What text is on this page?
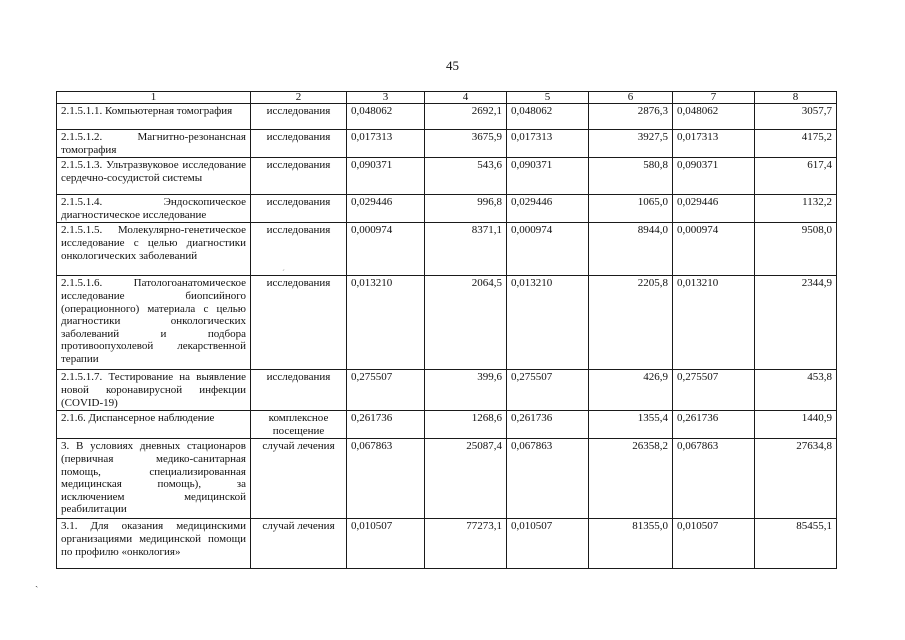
45
ˊ
ˎ
1	2	3	4	5	6	7	8
2.1.5.1.1. Компьютерная томография	исследования	0,048062	2692,1	0,048062	2876,3	0,048062	3057,7
2.1.5.1.2. Магнитно-резонансная томография	исследования	0,017313	3675,9	0,017313	3927,5	0,017313	4175,2
2.1.5.1.3. Ультразвуковое исследование сердечно-сосудистой системы	исследования	0,090371	543,6	0,090371	580,8	0,090371	617,4
2.1.5.1.4. Эндоскопическое диагностическое исследование	исследования	0,029446	996,8	0,029446	1065,0	0,029446	1132,2
2.1.5.1.5. Молекулярно-генетическое исследование с целью диагностики онкологических заболеваний	исследования	0,000974	8371,1	0,000974	8944,0	0,000974	9508,0
2.1.5.1.6. Патологоанатомическое исследование биопсийного (операционного) материала с целью диагностики онкологических заболеваний и подбора противоопухолевой лекарственной терапии	исследования	0,013210	2064,5	0,013210	2205,8	0,013210	2344,9
2.1.5.1.7. Тестирование на выявление новой коронавирусной инфекции (COVID-19)	исследования	0,275507	399,6	0,275507	426,9	0,275507	453,8
2.1.6. Диспансерное наблюдение	комплексное посещение	0,261736	1268,6	0,261736	1355,4	0,261736	1440,9
3. В условиях дневных стационаров (первичная медико-санитарная помощь, специализированная медицинская помощь), за исключением медицинской реабилитации	случай лечения	0,067863	25087,4	0,067863	26358,2	0,067863	27634,8
3.1. Для оказания медицинскими организациями медицинской помощи по профилю «онкология»	случай лечения	0,010507	77273,1	0,010507	81355,0	0,010507	85455,1
